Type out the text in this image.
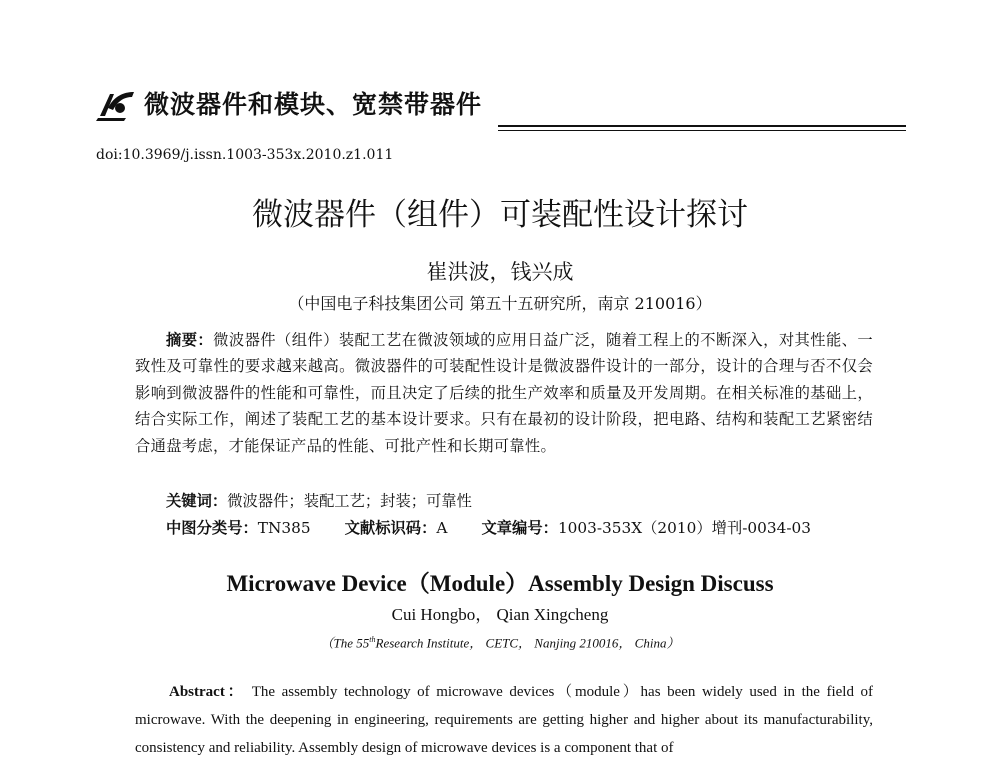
微波器件和模块、宽禁带器件
doi:10.3969/j.issn.1003-353x.2010.z1.011
微波器件（组件）可装配性设计探讨
崔洪波，钱兴成
（中国电子科技集团公司 第五十五研究所，南京 210016）
摘要：微波器件（组件）装配工艺在微波领域的应用日益广泛，随着工程上的不断深入，对其性能、一致性及可靠性的要求越来越高。微波器件的可装配性设计是微波器件设计的一部分，设计的合理与否不仅会影响到微波器件的性能和可靠性，而且决定了后续的批生产效率和质量及开发周期。在相关标准的基础上，结合实际工作，阐述了装配工艺的基本设计要求。只有在最初的设计阶段，把电路、结构和装配工艺紧密结合通盘考虑，才能保证产品的性能、可批产性和长期可靠性。
关键词：微波器件；装配工艺；封装；可靠性
中图分类号：TN385 文献标识码：A 文章编号：1003-353X（2010）增刊-0034-03
Microwave Device（Module）Assembly Design Discuss
Cui Hongbo， Qian Xingcheng
（The 55thResearch Institute， CETC， Nanjing 210016， China）
Abstract： The assembly technology of microwave devices（module）has been widely used in the field of microwave. With the deepening in engineering, requirements are getting higher and higher about its manufacturability, consistency and reliability. Assembly design of microwave devices is a component that of
